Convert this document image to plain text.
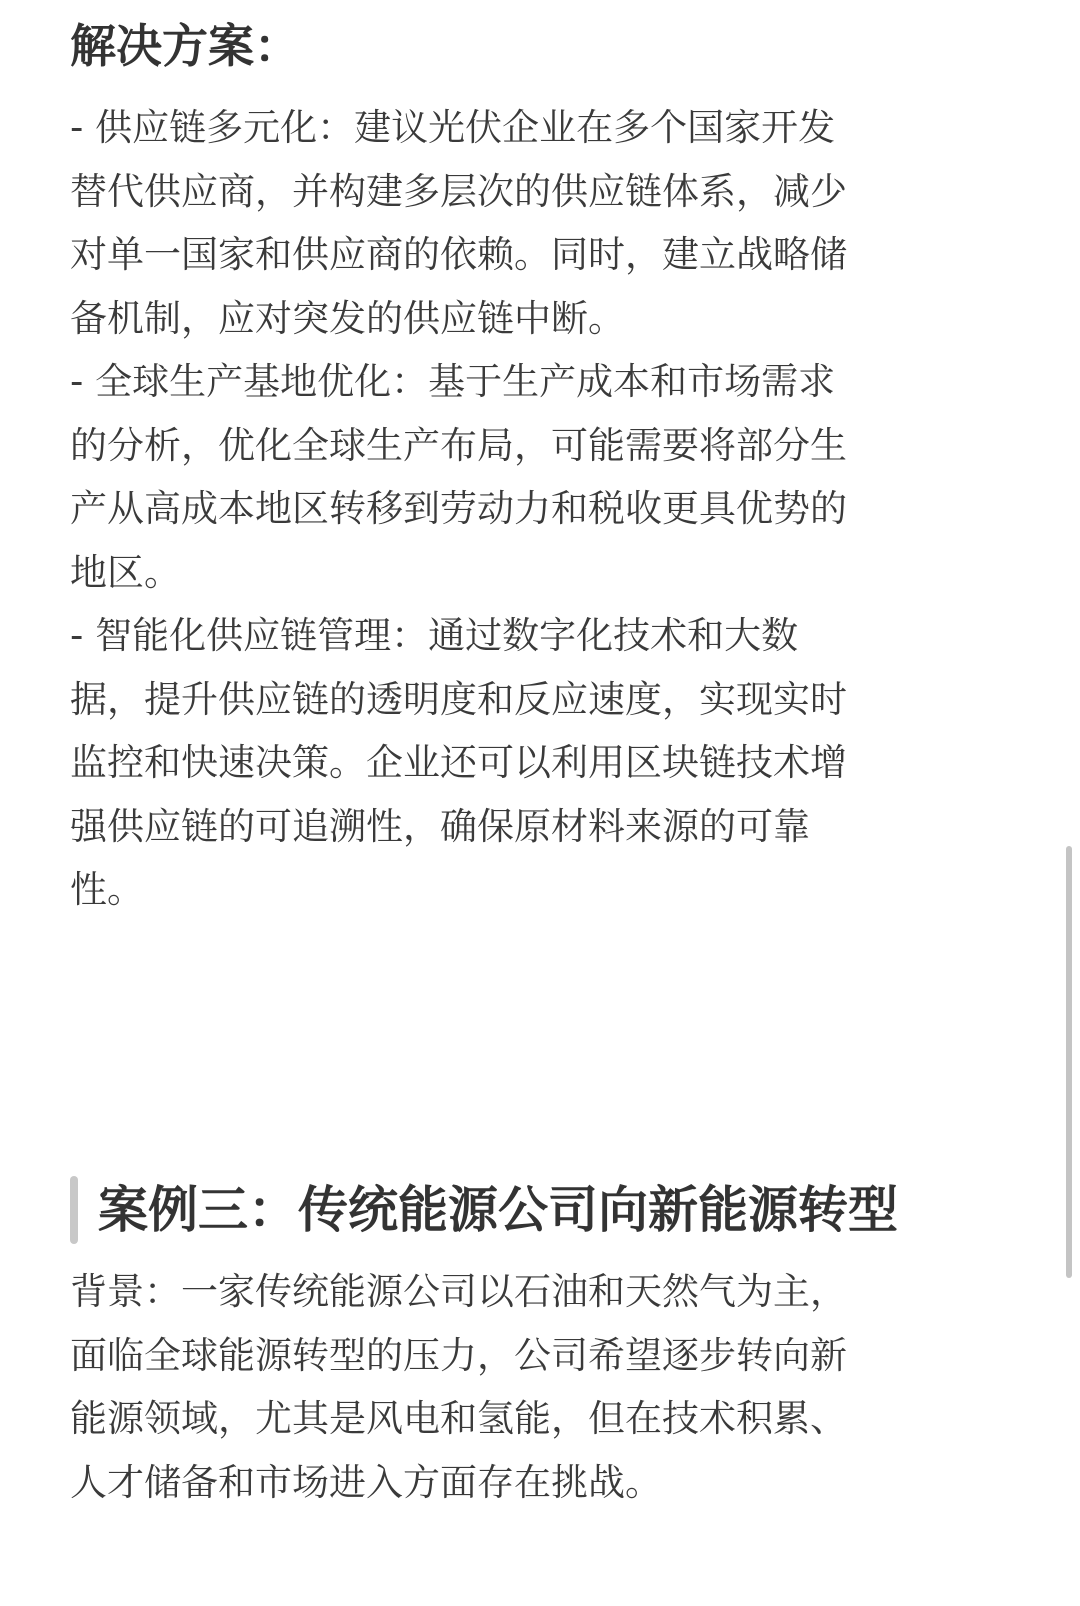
解决方案：

- 供应链多元化：建议光伏企业在多个国家开发
替代供应商，并构建多层次的供应链体系，减少
对单一国家和供应商的依赖。同时，建立战略储
备机制，应对突发的供应链中断。

- 全球生产基地优化：基于生产成本和市场需求
的分析，优化全球生产布局，可能需要将部分生
产从高成本地区转移到劳动力和税收更具优势的
地区。

- 智能化供应链管理：通过数字化技术和大数
据，提升供应链的透明度和反应速度，实现实时
监控和快速决策。企业还可以利用区块链技术增
强供应链的可追溯性，确保原材料来源的可靠
性。

案例三：传统能源公司向新能源转型

背景：一家传统能源公司以石油和天然气为主，
面临全球能源转型的压力，公司希望逐步转向新
能源领域，尤其是风电和氢能，但在技术积累、
人才储备和市场进入方面存在挑战。
